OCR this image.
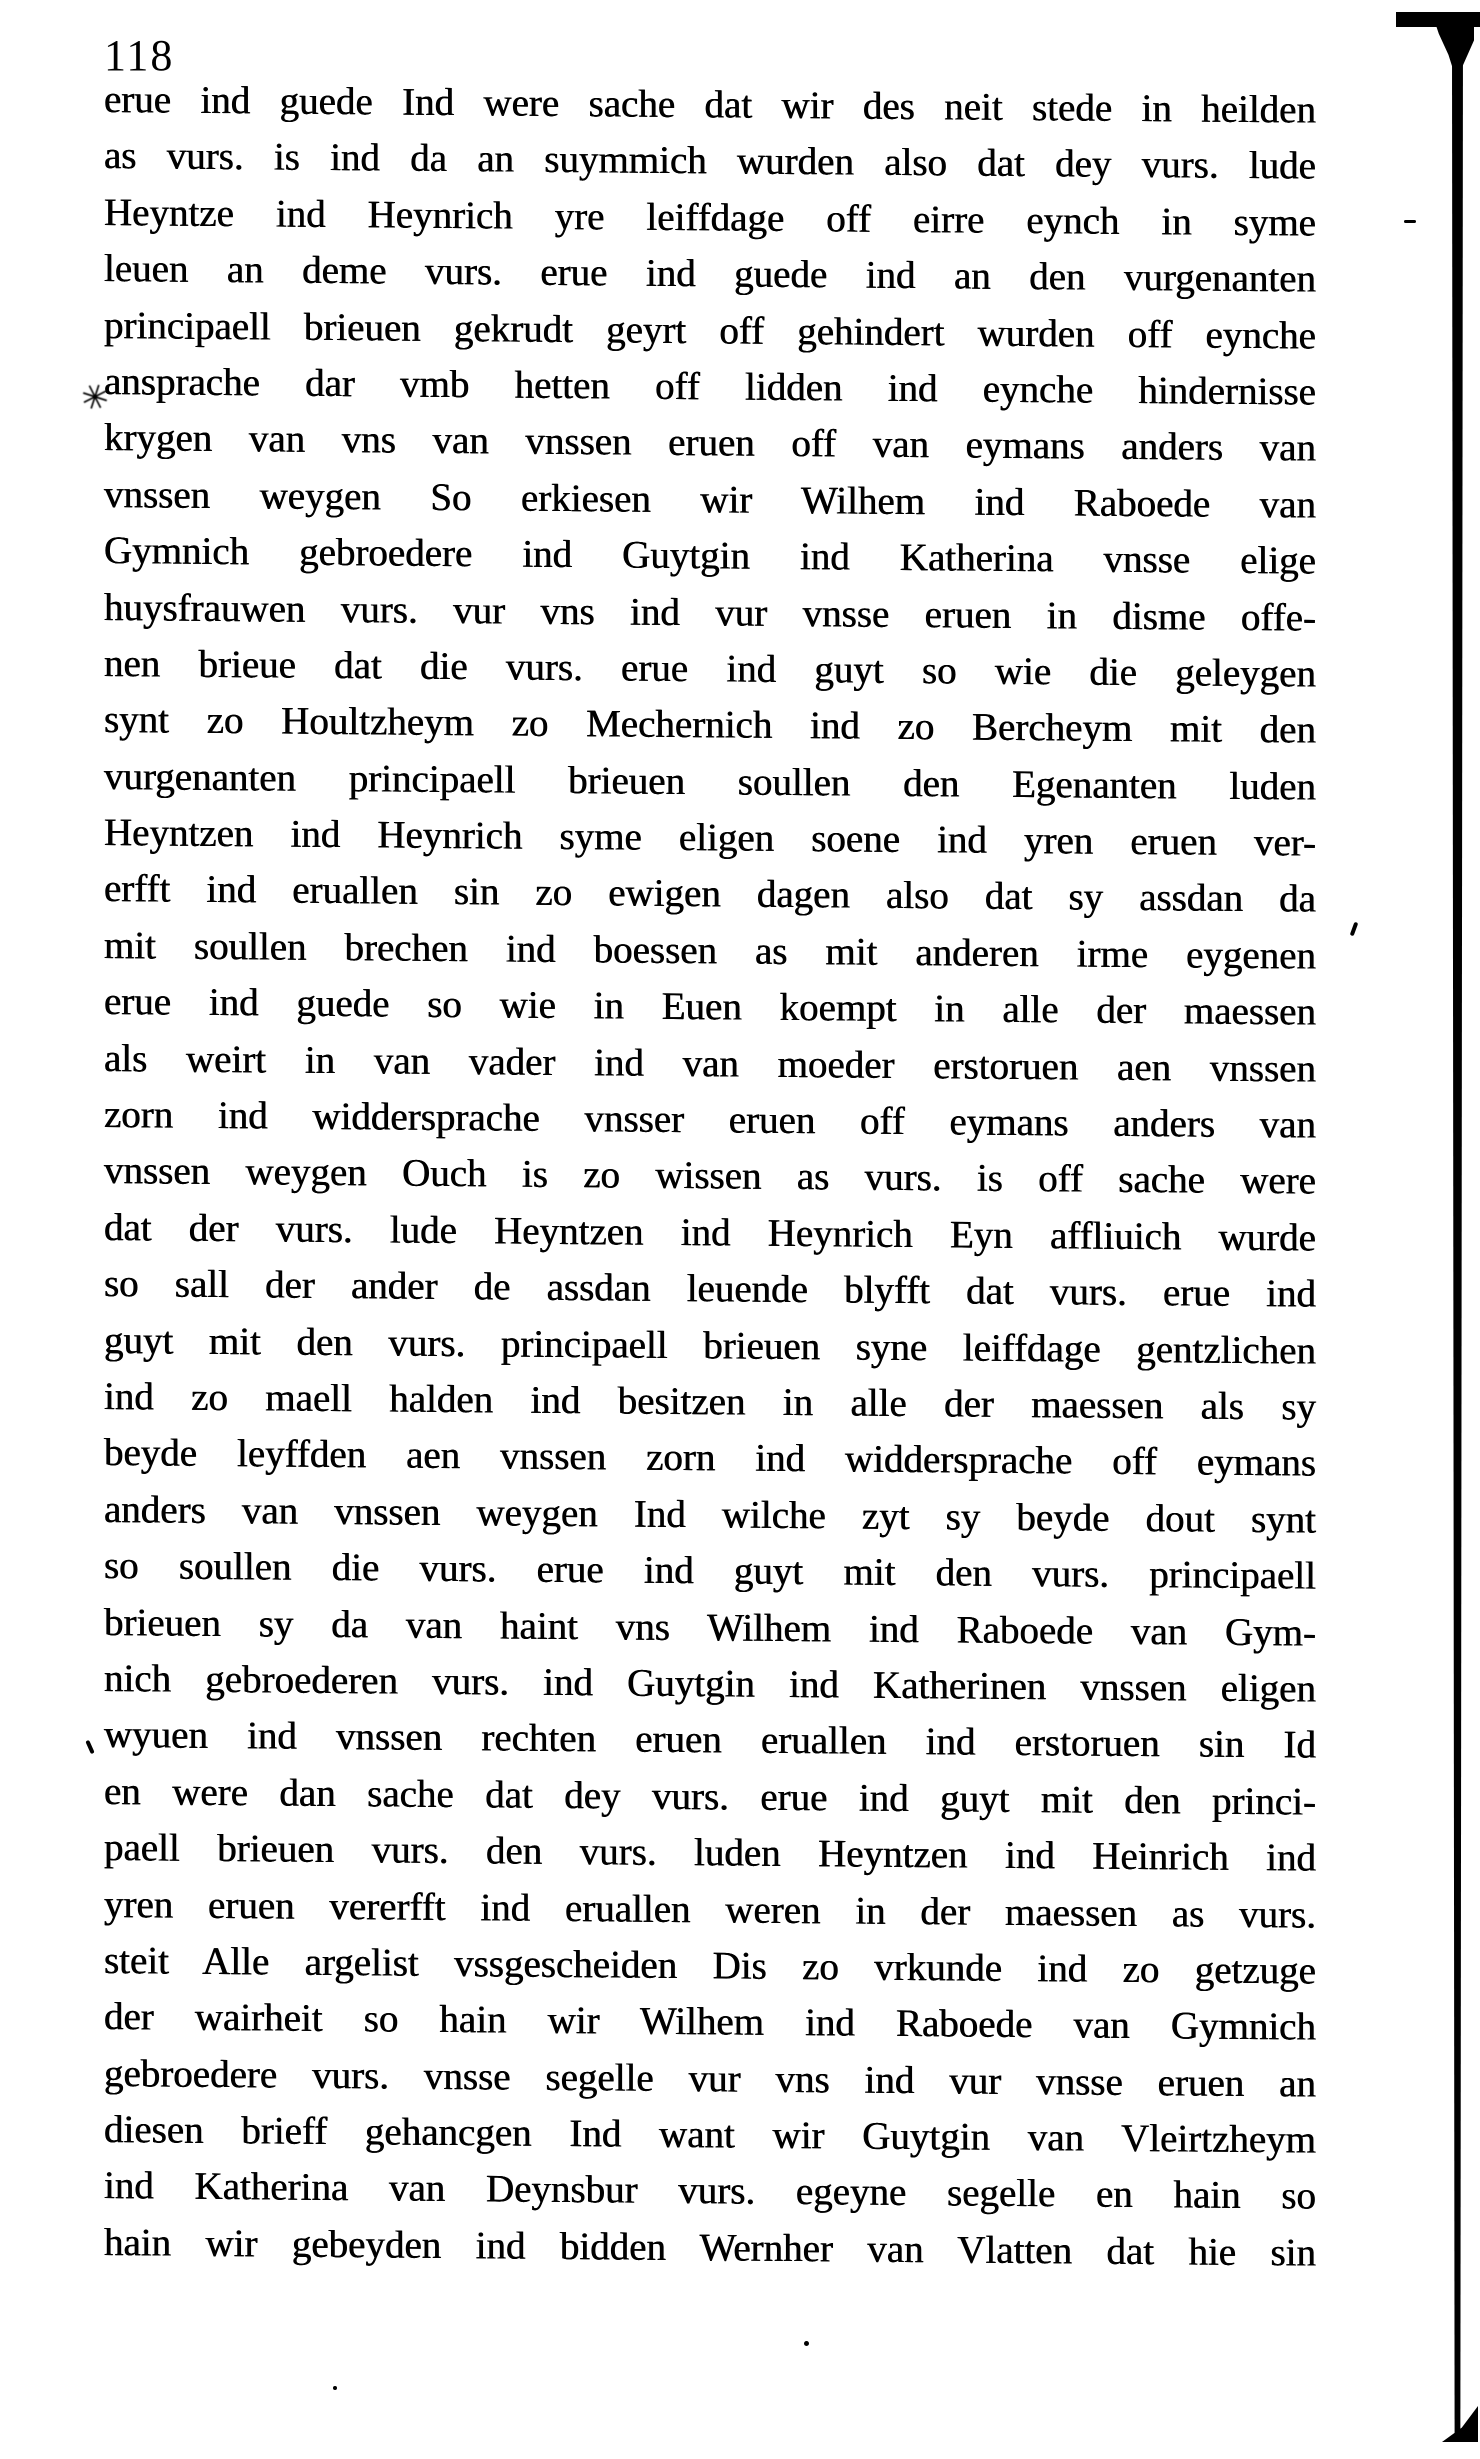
118
erue ind guede Ind were sache dat wir des neit stede in heilden
as vurs. is ind da an suymmich wurden also dat dey vurs. lude
Heyntze ind Heynrich yre leiffdage off eirre eynch in syme
leuen an deme vurs. erue ind guede ind an den vurgenanten
principaell brieuen gekrudt geyrt off gehindert wurden off eynche
ansprache dar vmb hetten off lidden ind eynche hindernisse
krygen van vns van vnssen eruen off van eymans anders van
vnssen weygen So erkiesen wir Wilhem ind Raboede van
Gymnich gebroedere ind Guytgin ind Katherina vnsse elige
huysfrauwen vurs. vur vns ind vur vnsse eruen in disme offe-
nen brieue dat die vurs. erue ind guyt so wie die geleygen
synt zo Houltzheym zo Mechernich ind zo Bercheym mit den
vurgenanten principaell brieuen soullen den Egenanten luden
Heyntzen ind Heynrich syme eligen soene ind yren eruen ver-
erfft ind eruallen sin zo ewigen dagen also dat sy assdan da
mit soullen brechen ind boessen as mit anderen irme eygenen
erue ind guede so wie in Euen koempt in alle der maessen
als weirt in van vader ind van moeder erstoruen aen vnssen
zorn ind widdersprache vnsser eruen off eymans anders van
vnssen weygen Ouch is zo wissen as vurs. is off sache were
dat der vurs. lude Heyntzen ind Heynrich Eyn affliuich wurde
so sall der ander de assdan leuende blyfft dat vurs. erue ind
guyt mit den vurs. principaell brieuen syne leiffdage gentzlichen
ind zo maell halden ind besitzen in alle der maessen als sy
beyde leyffden aen vnssen zorn ind widdersprache off eymans
anders van vnssen weygen Ind wilche zyt sy beyde dout synt
so soullen die vurs. erue ind guyt mit den vurs. principaell
brieuen sy da van haint vns Wilhem ind Raboede van Gym-
nich gebroederen vurs. ind Guytgin ind Katherinen vnssen eligen
wyuen ind vnssen rechten eruen eruallen ind erstoruen sin Id
en were dan sache dat dey vurs. erue ind guyt mit den princi-
paell brieuen vurs. den vurs. luden Heyntzen ind Heinrich ind
yren eruen vererfft ind eruallen weren in der maessen as vurs.
steit Alle argelist vssgescheiden Dis zo vrkunde ind zo getzuge
der wairheit so hain wir Wilhem ind Raboede van Gymnich
gebroedere vurs. vnsse segelle vur vns ind vur vnsse eruen an
diesen brieff gehancgen Ind want wir Guytgin van Vleirtzheym
ind Katherina van Deynsbur vurs. egeyne segelle en hain so
hain wir gebeyden ind bidden Wernher van Vlatten dat hie sin
✳
